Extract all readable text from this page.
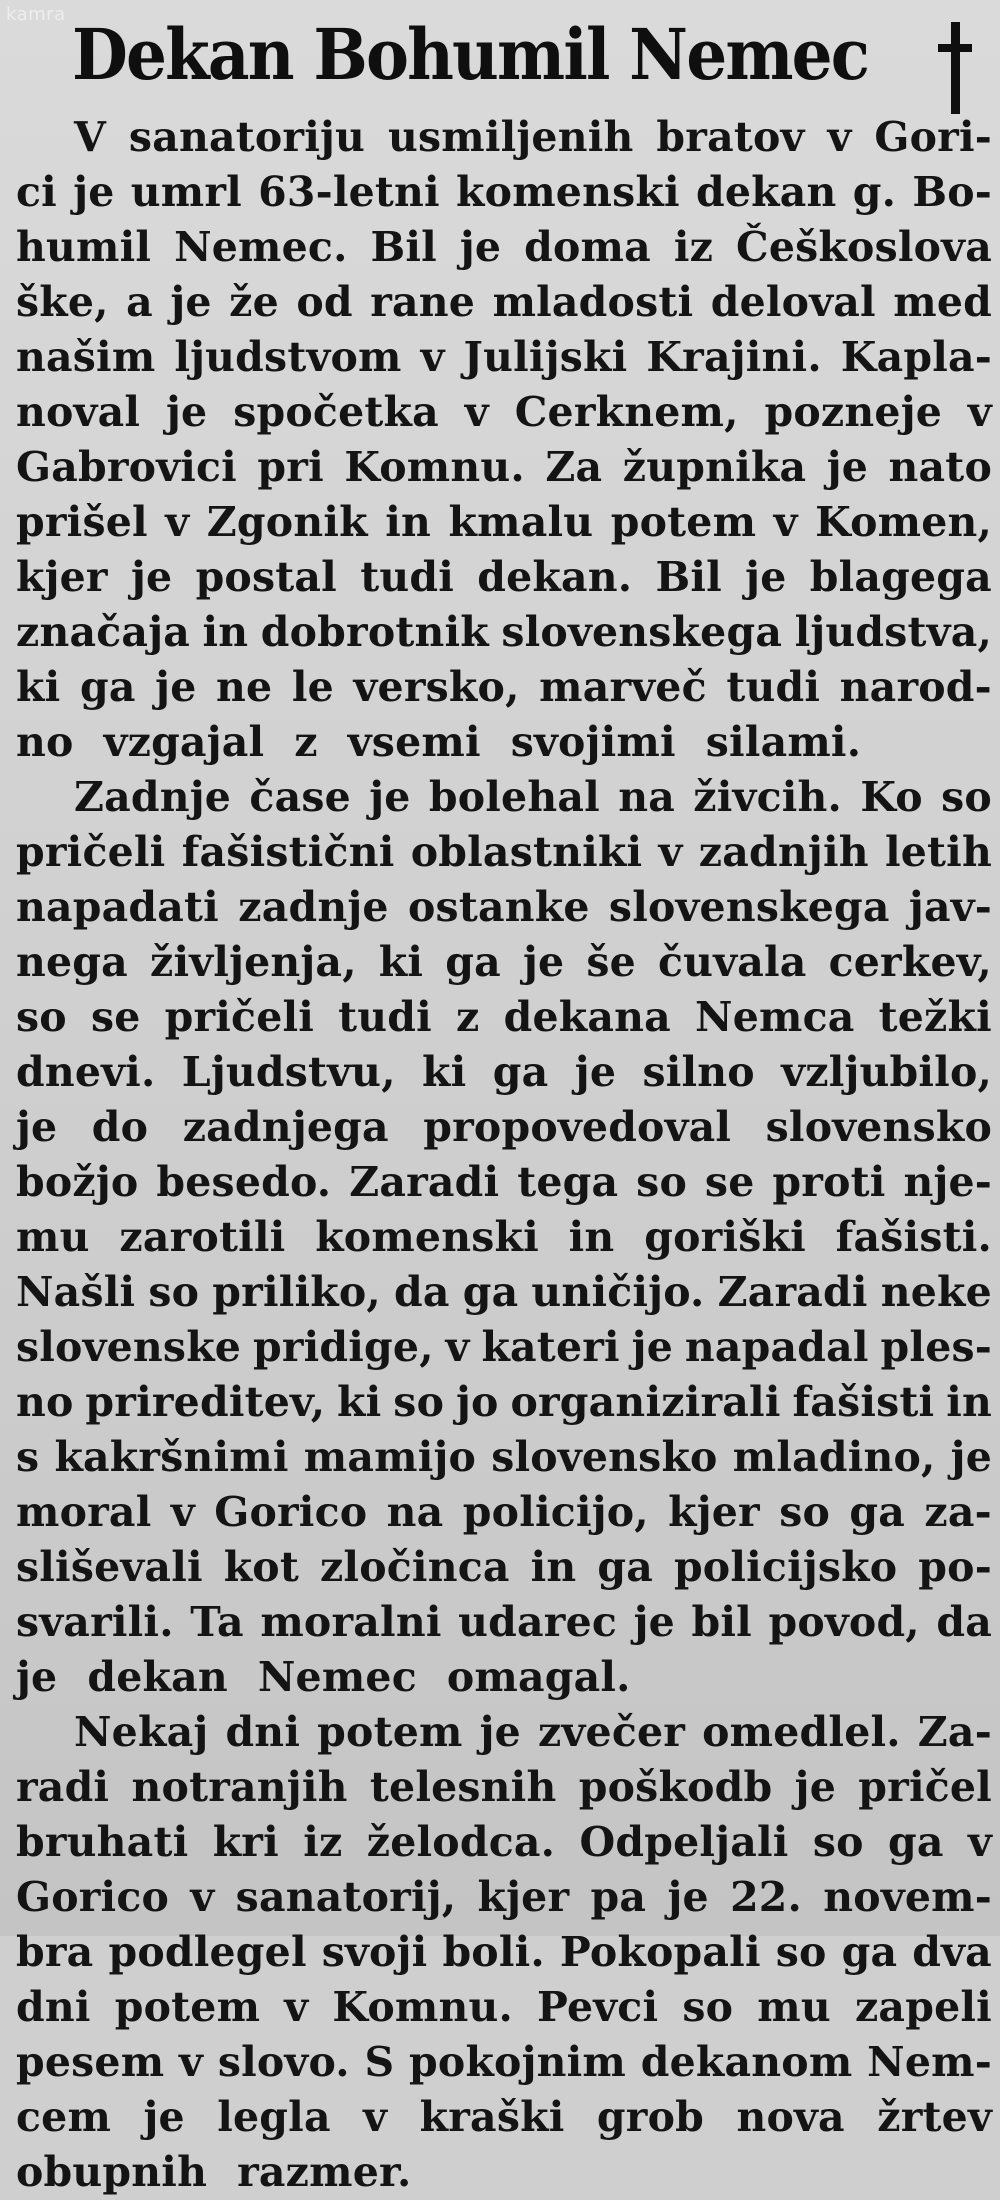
kamra Dekan Bohumil Nemec
V sanatoriju usmiljenih bratov v Gori-
ci je umrl 63-letni komenski dekan g. Bo-
humil Nemec. Bil je doma iz Češkoslova
ške, a je že od rane mladosti deloval med
našim ljudstvom v Julijski Krajini. Kapla-
noval je spočetka v Cerknem, pozneje v
Gabrovici pri Komnu. Za župnika je nato
prišel v Zgonik in kmalu potem v Komen,
kjer je postal tudi dekan. Bil je blagega
značaja in dobrotnik slovenskega ljudstva,
ki ga je ne le versko, marveč tudi narod-
no vzgajal z vsemi svojimi silami.
Zadnje čase je bolehal na živcih. Ko so
pričeli fašistični oblastniki v zadnjih letih
napadati zadnje ostanke slovenskega jav-
nega življenja, ki ga je še čuvala cerkev,
so se pričeli tudi z dekana Nemca težki
dnevi. Ljudstvu, ki ga je silno vzljubilo,
je do zadnjega propovedoval slovensko
božjo besedo. Zaradi tega so se proti nje-
mu zarotili komenski in goriški fašisti.
Našli so priliko, da ga uničijo. Zaradi neke
slovenske pridige, v kateri je napadal ples-
no prireditev, ki so jo organizirali fašisti in
s kakršnimi mamijo slovensko mladino, je
moral v Gorico na policijo, kjer so ga za-
sliševali kot zločinca in ga policijsko po-
svarili. Ta moralni udarec je bil povod, da
je dekan Nemec omagal.
Nekaj dni potem je zvečer omedlel. Za-
radi notranjih telesnih poškodb je pričel
bruhati kri iz želodca. Odpeljali so ga v
Gorico v sanatorij, kjer pa je 22. novem-
bra podlegel svoji boli. Pokopali so ga dva
dni potem v Komnu. Pevci so mu zapeli
pesem v slovo. S pokojnim dekanom Nem-
cem je legla v kraški grob nova žrtev
obupnih razmer.
